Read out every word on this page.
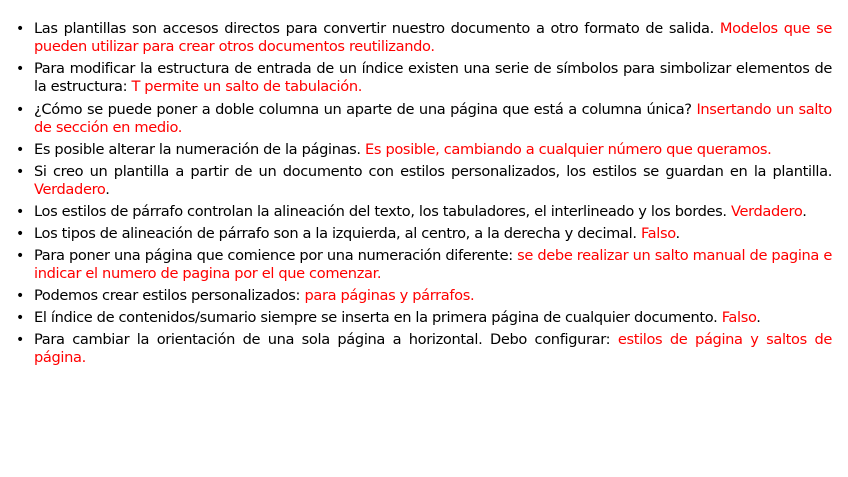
• Las plantillas son accesos directos para convertir nuestro documento a otro formato de salida. Modelos que se pueden utilizar para crear otros documentos reutilizando.
• Para modificar la estructura de entrada de un índice existen una serie de símbolos para simbolizar elementos de la estructura: T permite un salto de tabulación.
• ¿Cómo se puede poner a doble columna un aparte de una página que está a columna única? Insertando un salto de sección en medio.
• Es posible alterar la numeración de la páginas. Es posible, cambiando a cualquier número que queramos.
• Si creo un plantilla a partir de un documento con estilos personalizados, los estilos se guardan en la plantilla. Verdadero.
• Los estilos de párrafo controlan la alineación del texto, los tabuladores, el interlineado y los bordes. Verdadero.
• Los tipos de alineación de párrafo son a la izquierda, al centro, a la derecha y decimal. Falso.
• Para poner una página que comience por una numeración diferente: se debe realizar un salto manual de pagina e indicar el numero de pagina por el que comenzar.
• Podemos crear estilos personalizados: para páginas y párrafos.
• El índice de contenidos/sumario siempre se inserta en la primera página de cualquier documento. Falso.
• Para cambiar la orientación de una sola página a horizontal. Debo configurar: estilos de página y saltos de página.
